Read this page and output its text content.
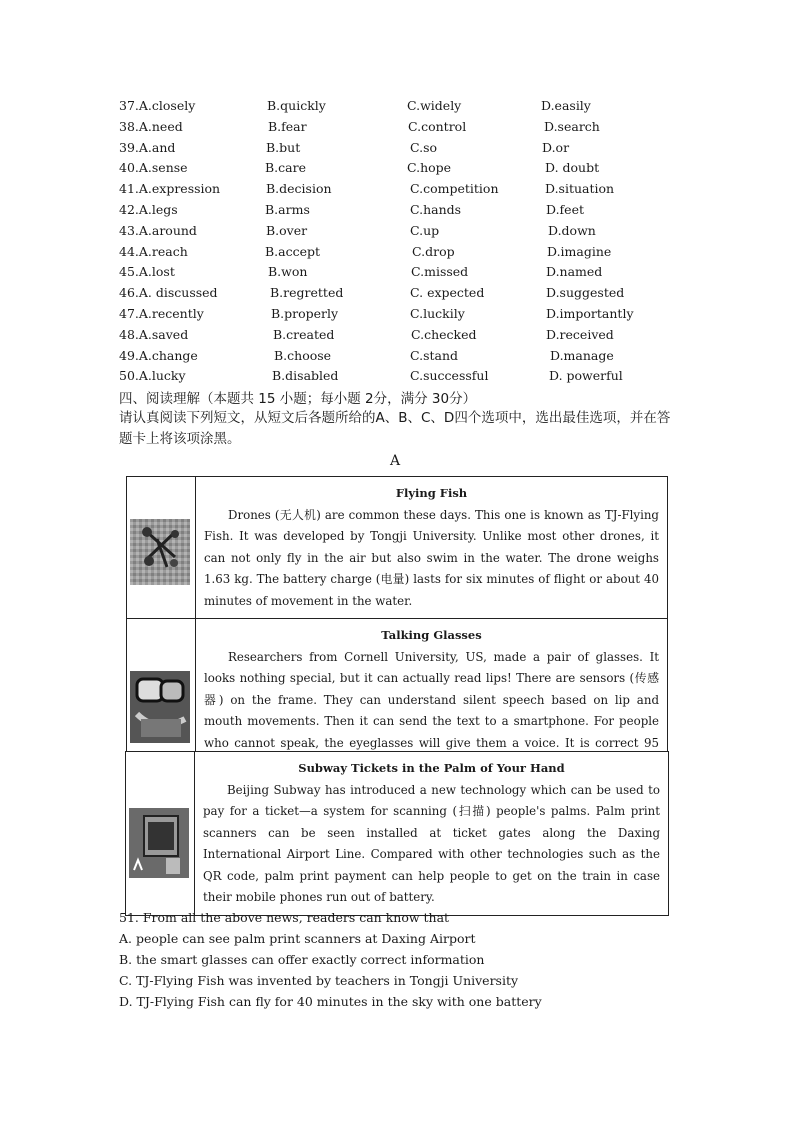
37.A.closely	B.quickly	C.widely	D.easily
38.A.need	B.fear	C.control	D.search
39.A.and	B.but	C.so	D.or
40.A.sense	B.care	C.hope	D. doubt
41.A.expression	B.decision	C.competition	D.situation
42.A.legs	B.arms	C.hands	D.feet
43.A.around	B.over	C.up	D.down
44.A.reach	B.accept	C.drop	D.imagine
45.A.lost	B.won	C.missed	D.named
46.A. discussed	B.regretted	C. expected	D.suggested
47.A.recently	B.properly	C.luckily	D.importantly
48.A.saved	B.created	C.checked	D.received
49.A.change	B.choose	C.stand	D.manage
50.A.lucky	B.disabled	C.successful	D. powerful
四、阅读理解（本题共 15 小题；每小题 2分，满分 30分）
请认真阅读下列短文，从短文后各题所给的A、B、C、D四个选项中，选出最佳选项，并在答题卡上将该项涂黑。
A
Flying Fish
Drones (无人机) are common these days. This one is known as TJ-Flying Fish. It was developed by Tongji University. Unlike most other drones, it can not only fly in the air but also swim in the water. The drone weighs 1.63 kg. The battery charge (电量) lasts for six minutes of flight or about 40 minutes of movement in the water.
Talking Glasses
Researchers from Cornell University, US, made a pair of glasses. It looks nothing special, but it can actually read lips! There are sensors (传感器) on the frame. They can understand silent speech based on lip and mouth movements. Then it can send the text to a smartphone. For people who cannot speak, the eyeglasses will give them a voice. It is correct 95
Subway Tickets in the Palm of Your Hand
Beijing Subway has introduced a new technology which can be used to pay for a ticket—a system for scanning (扫描) people's palms. Palm print scanners can be seen installed at ticket gates along the Daxing International Airport Line. Compared with other technologies such as the QR code, palm print payment can help people to get on the train in case their mobile phones run out of battery.
51. From all the above news, readers can know that
A. people can see palm print scanners at Daxing Airport
B. the smart glasses can offer exactly correct information
C. TJ-Flying Fish was invented by teachers in Tongji University
D. TJ-Flying Fish can fly for 40 minutes in the sky with one battery
